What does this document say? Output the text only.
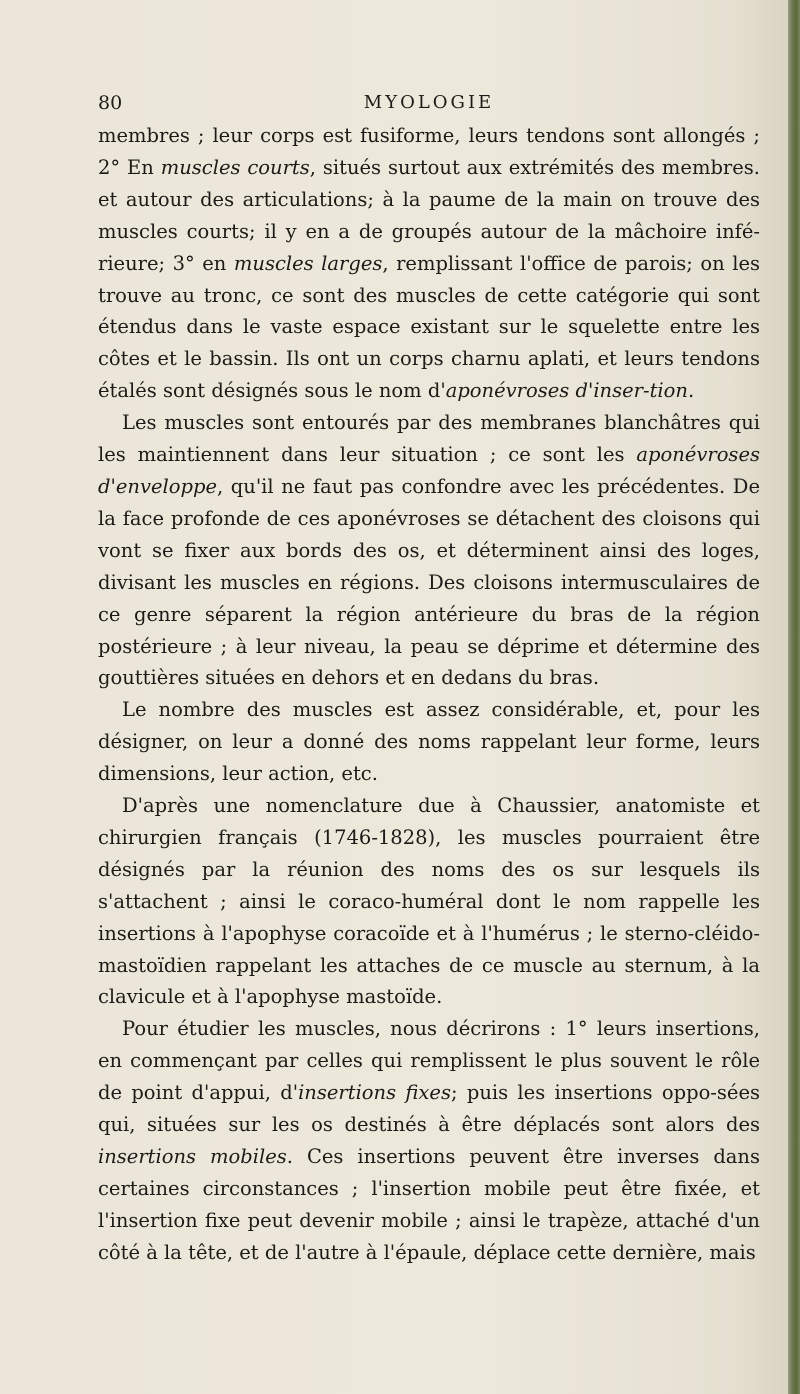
80	MYOLOGIE

membres ; leur corps est fusiforme, leurs tendons sont allongés ; 2° En muscles courts, situés surtout aux extrémités des membres. et autour des articulations; à la paume de la main on trouve des muscles courts; il y en a de groupés autour de la mâchoire infé-rieure; 3° en muscles larges, remplissant l'office de parois; on les trouve au tronc, ce sont des muscles de cette catégorie qui sont étendus dans le vaste espace existant sur le squelette entre les côtes et le bassin. Ils ont un corps charnu aplati, et leurs tendons étalés sont désignés sous le nom d'aponévroses d'inser-tion.

Les muscles sont entourés par des membranes blanchâtres qui les maintiennent dans leur situation ; ce sont les aponévroses d'enveloppe, qu'il ne faut pas confondre avec les précédentes. De la face profonde de ces aponévroses se détachent des cloisons qui vont se fixer aux bords des os, et déterminent ainsi des loges, divisant les muscles en régions. Des cloisons intermusculaires de ce genre séparent la région antérieure du bras de la région postérieure ; à leur niveau, la peau se déprime et détermine des gouttières situées en dehors et en dedans du bras.

Le nombre des muscles est assez considérable, et, pour les désigner, on leur a donné des noms rappelant leur forme, leurs dimensions, leur action, etc.

D'après une nomenclature due à Chaussier, anatomiste et chirurgien français (1746-1828), les muscles pourraient être désignés par la réunion des noms des os sur lesquels ils s'attachent ; ainsi le coraco-huméral dont le nom rappelle les insertions à l'apophyse coracoïde et à l'humérus ; le sterno-cléido-mastoïdien rappelant les attaches de ce muscle au sternum, à la clavicule et à l'apophyse mastoïde.

Pour étudier les muscles, nous décrirons : 1° leurs insertions, en commençant par celles qui remplissent le plus souvent le rôle de point d'appui, d'insertions fixes; puis les insertions oppo-sées qui, situées sur les os destinés à être déplacés sont alors des insertions mobiles. Ces insertions peuvent être inverses dans certaines circonstances ; l'insertion mobile peut être fixée, et l'insertion fixe peut devenir mobile ; ainsi le trapèze, attaché d'un côté à la tête, et de l'autre à l'épaule, déplace cette dernière, mais
